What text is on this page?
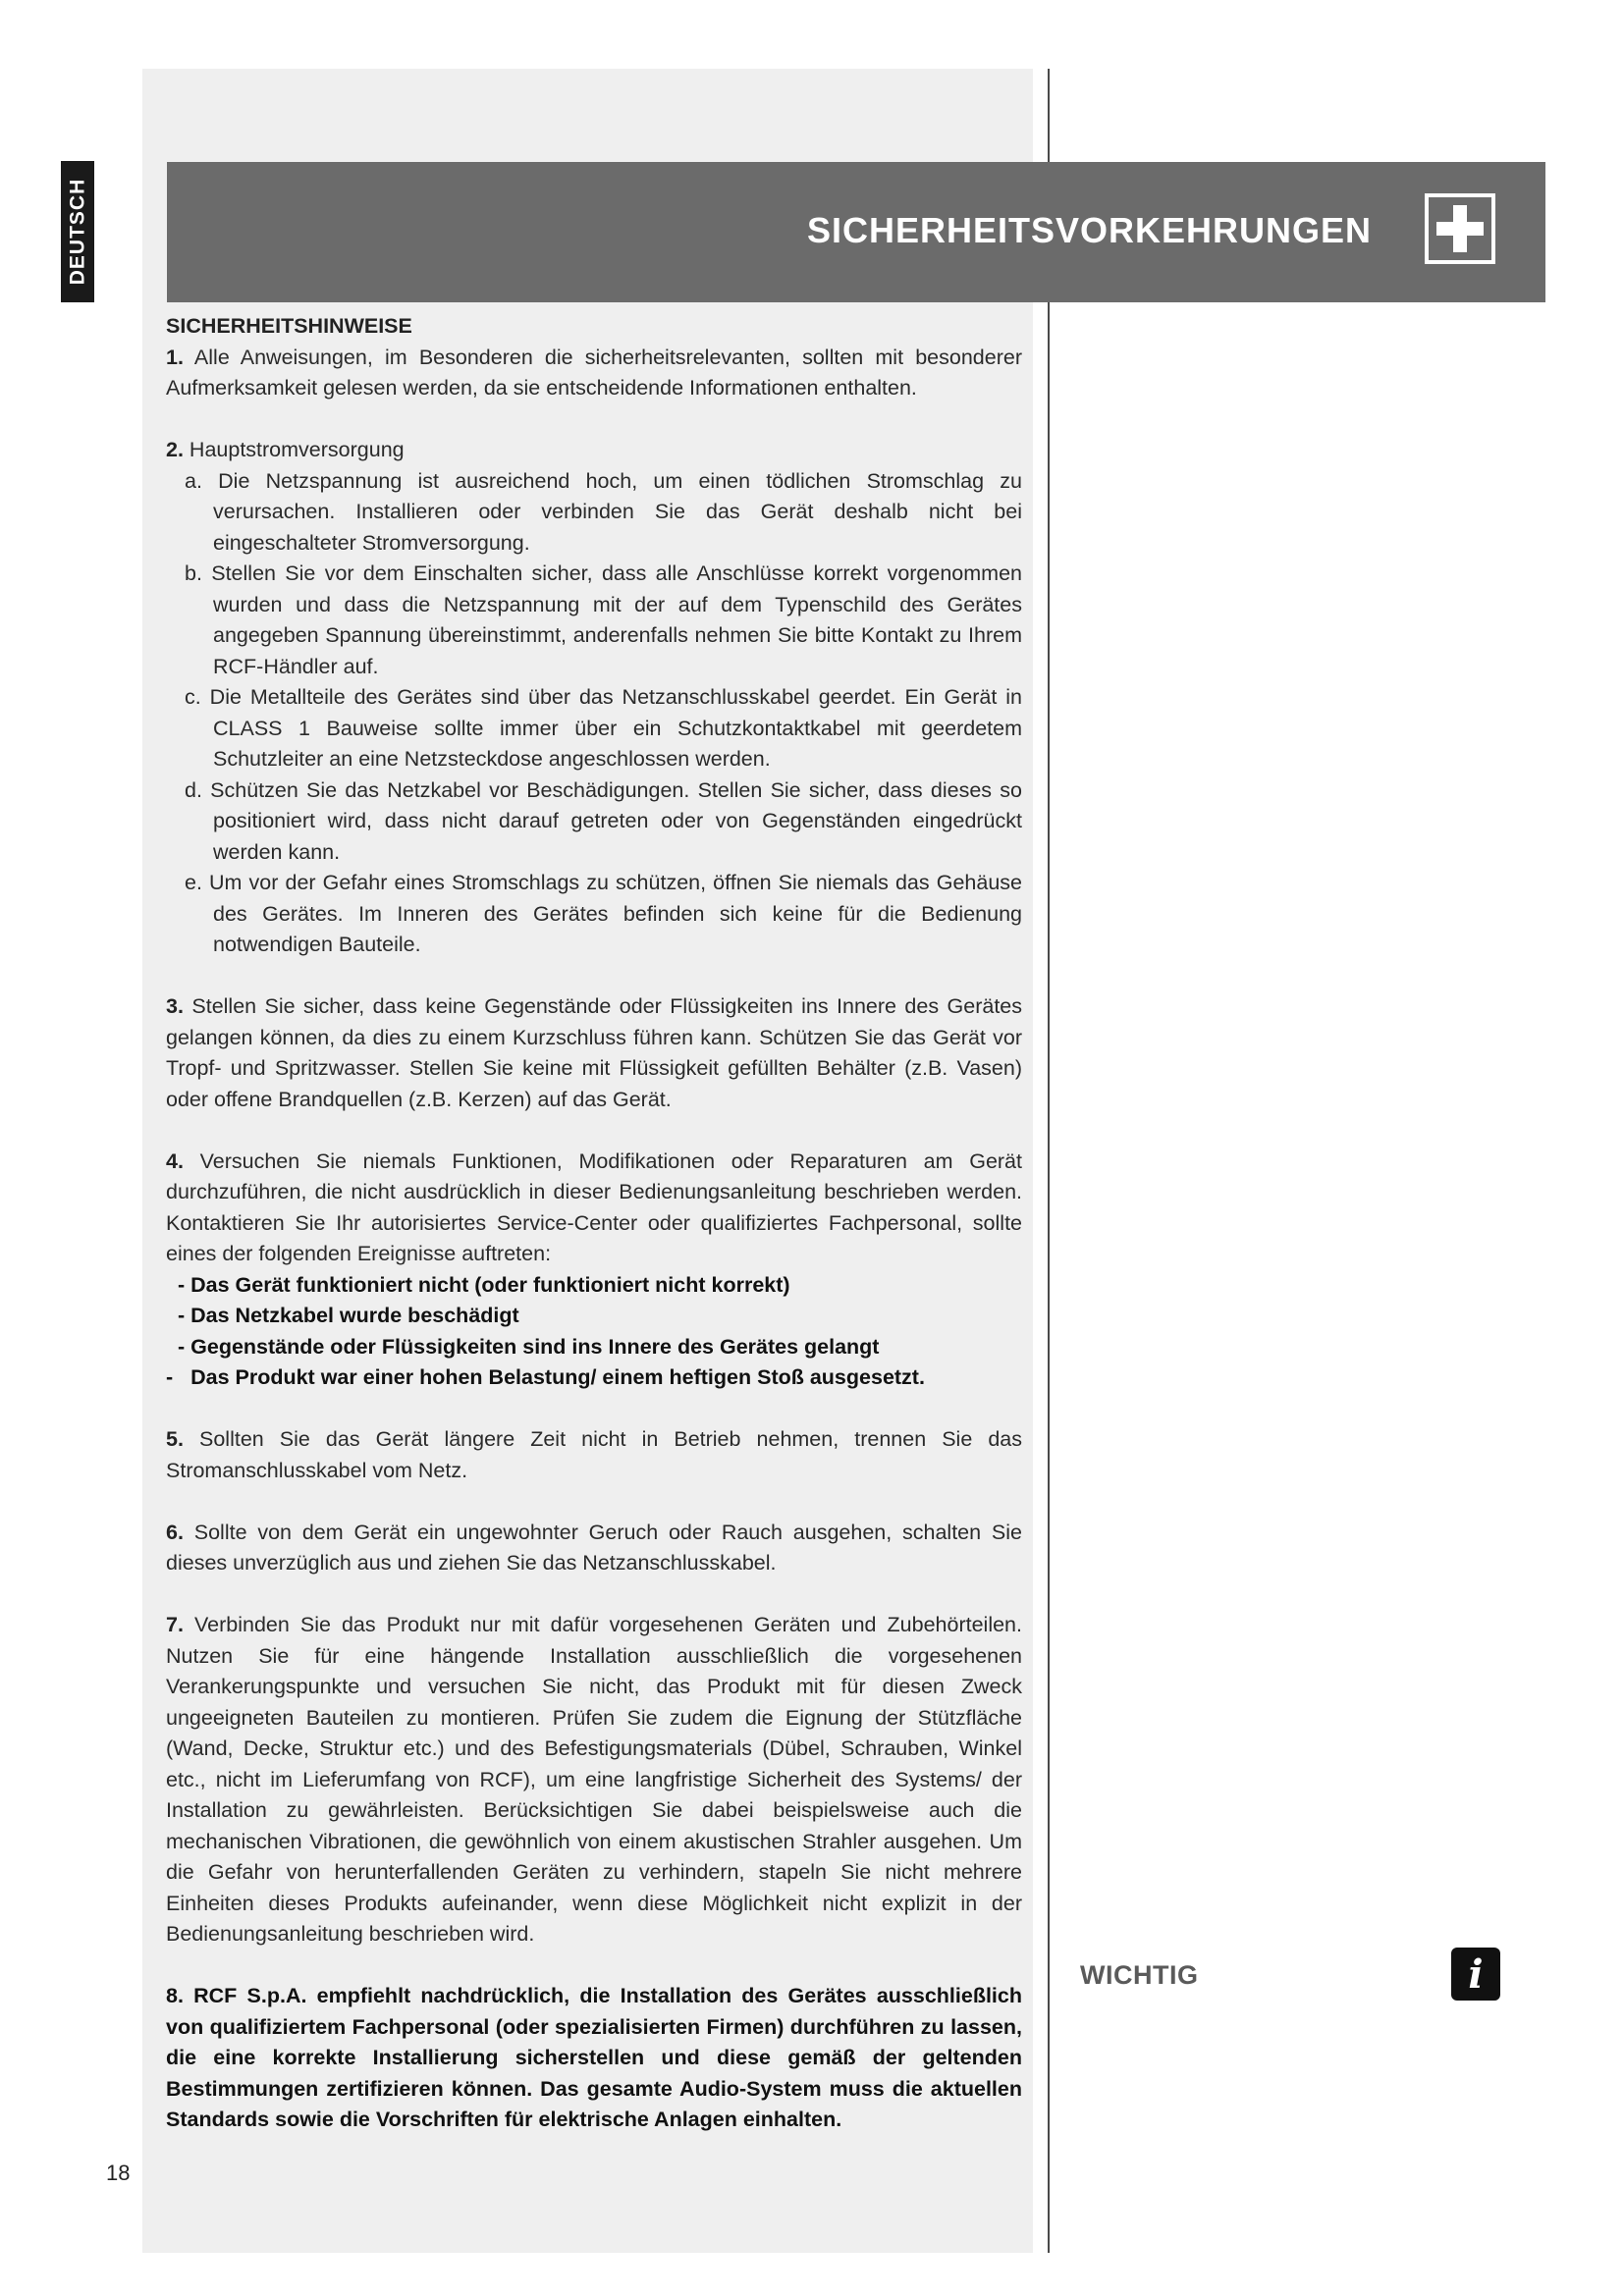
DEUTSCH	SICHERHEITSVORKEHRUNGEN
SICHERHEITSHINWEISE

1. Alle Anweisungen, im Besonderen die sicherheitsrelevanten, sollten mit besonderer Aufmerksamkeit gelesen werden, da sie entscheidende Informationen enthalten.

2. Hauptstromversorgung

a. Die Netzspannung ist ausreichend hoch, um einen tödlichen Stromschlag zu verursachen. Installieren oder verbinden Sie das Gerät deshalb nicht bei eingeschalteter Stromversorgung.

b. Stellen Sie vor dem Einschalten sicher, dass alle Anschlüsse korrekt vorgenommen wurden und dass die Netzspannung mit der auf dem Typenschild des Gerätes angegeben Spannung übereinstimmt, anderenfalls nehmen Sie bitte Kontakt zu Ihrem RCF-Händler auf.

c. Die Metallteile des Gerätes sind über das Netzanschlusskabel geerdet. Ein Gerät in CLASS 1 Bauweise sollte immer über ein Schutzkontaktkabel mit geerdetem Schutzleiter an eine Netzsteckdose angeschlossen werden.

d. Schützen Sie das Netzkabel vor Beschädigungen. Stellen Sie sicher, dass dieses so positioniert wird, dass nicht darauf getreten oder von Gegenständen eingedrückt werden kann.

e. Um vor der Gefahr eines Stromschlags zu schützen, öffnen Sie niemals das Gehäuse des Gerätes. Im Inneren des Gerätes befinden sich keine für die Bedienung notwendigen Bauteile.

3. Stellen Sie sicher, dass keine Gegenstände oder Flüssigkeiten ins Innere des Gerätes gelangen können, da dies zu einem Kurzschluss führen kann. Schützen Sie das Gerät vor Tropf- und Spritzwasser. Stellen Sie keine mit Flüssigkeit gefüllten Behälter (z.B. Vasen) oder offene Brandquellen (z.B. Kerzen) auf das Gerät.

4. Versuchen Sie niemals Funktionen, Modifikationen oder Reparaturen am Gerät durchzuführen, die nicht ausdrücklich in dieser Bedienungsanleitung beschrieben werden. Kontaktieren Sie Ihr autorisiertes Service-Center oder qualifiziertes Fachpersonal, sollte eines der folgenden Ereignisse auftreten:

- Das Gerät funktioniert nicht (oder funktioniert nicht korrekt)
- Das Netzkabel wurde beschädigt
- Gegenstände oder Flüssigkeiten sind ins Innere des Gerätes gelangt
-   Das Produkt war einer hohen Belastung/ einem heftigen Stoß ausgesetzt.

5. Sollten Sie das Gerät längere Zeit nicht in Betrieb nehmen, trennen Sie das Stromanschlusskabel vom Netz.

6. Sollte von dem Gerät ein ungewohnter Geruch oder Rauch ausgehen, schalten Sie dieses unverzüglich aus und ziehen Sie das Netzanschlusskabel.

7. Verbinden Sie das Produkt nur mit dafür vorgesehenen Geräten und Zubehörteilen. Nutzen Sie für eine hängende Installation ausschließlich die vorgesehenen Verankerungspunkte und versuchen Sie nicht, das Produkt mit für diesen Zweck ungeeigneten Bauteilen zu montieren. Prüfen Sie zudem die Eignung der Stützfläche (Wand, Decke, Struktur etc.) und des Befestigungsmaterials (Dübel, Schrauben, Winkel etc., nicht im Lieferumfang von RCF), um eine langfristige Sicherheit des Systems/ der Installation zu gewährleisten. Berücksichtigen Sie dabei beispielsweise auch die mechanischen Vibrationen, die gewöhnlich von einem akustischen Strahler ausgehen. Um die Gefahr von herunterfallenden Geräten zu verhindern, stapeln Sie nicht mehrere Einheiten dieses Produkts aufeinander, wenn diese Möglichkeit nicht explizit in der Bedienungsanleitung beschrieben wird.

8. RCF S.p.A. empfiehlt nachdrücklich, die Installation des Gerätes ausschließlich von qualifiziertem Fachpersonal (oder spezialisierten Firmen) durchführen zu lassen, die eine korrekte Installierung sicherstellen und diese gemäß der geltenden Bestimmungen zertifizieren können. Das gesamte Audio-System muss die aktuellen Standards sowie die Vorschriften für elektrische Anlagen einhalten.

18
WICHTIG	i
